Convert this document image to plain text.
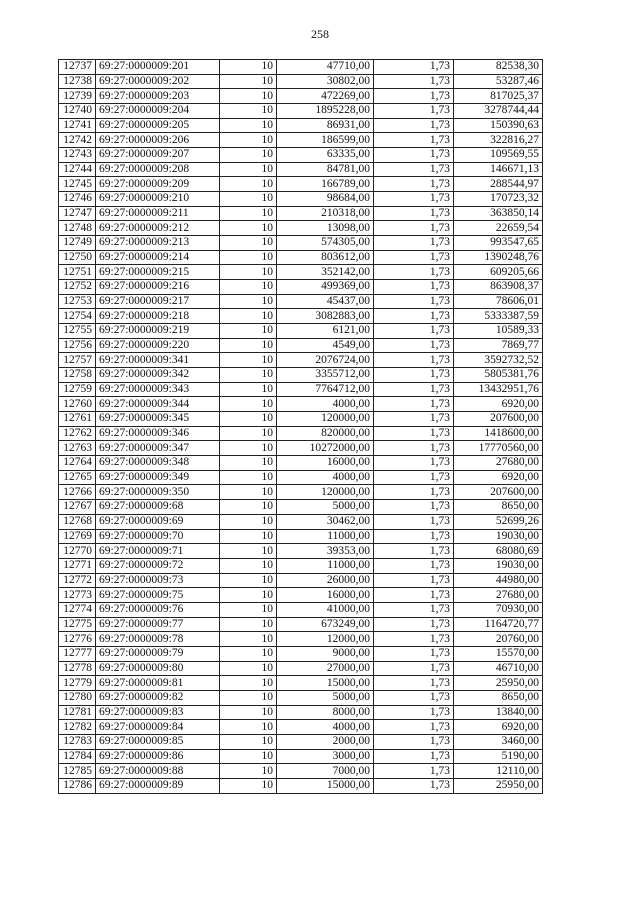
258
12737	69:27:0000009:201	10	47710,00	1,73	82538,30
12738	69:27:0000009:202	10	30802,00	1,73	53287,46
12739	69:27:0000009:203	10	472269,00	1,73	817025,37
12740	69:27:0000009:204	10	1895228,00	1,73	3278744,44
12741	69:27:0000009:205	10	86931,00	1,73	150390,63
12742	69:27:0000009:206	10	186599,00	1,73	322816,27
12743	69:27:0000009:207	10	63335,00	1,73	109569,55
12744	69:27:0000009:208	10	84781,00	1,73	146671,13
12745	69:27:0000009:209	10	166789,00	1,73	288544,97
12746	69:27:0000009:210	10	98684,00	1,73	170723,32
12747	69:27:0000009:211	10	210318,00	1,73	363850,14
12748	69:27:0000009:212	10	13098,00	1,73	22659,54
12749	69:27:0000009:213	10	574305,00	1,73	993547,65
12750	69:27:0000009:214	10	803612,00	1,73	1390248,76
12751	69:27:0000009:215	10	352142,00	1,73	609205,66
12752	69:27:0000009:216	10	499369,00	1,73	863908,37
12753	69:27:0000009:217	10	45437,00	1,73	78606,01
12754	69:27:0000009:218	10	3082883,00	1,73	5333387,59
12755	69:27:0000009:219	10	6121,00	1,73	10589,33
12756	69:27:0000009:220	10	4549,00	1,73	7869,77
12757	69:27:0000009:341	10	2076724,00	1,73	3592732,52
12758	69:27:0000009:342	10	3355712,00	1,73	5805381,76
12759	69:27:0000009:343	10	7764712,00	1,73	13432951,76
12760	69:27:0000009:344	10	4000,00	1,73	6920,00
12761	69:27:0000009:345	10	120000,00	1,73	207600,00
12762	69:27:0000009:346	10	820000,00	1,73	1418600,00
12763	69:27:0000009:347	10	10272000,00	1,73	17770560,00
12764	69:27:0000009:348	10	16000,00	1,73	27680,00
12765	69:27:0000009:349	10	4000,00	1,73	6920,00
12766	69:27:0000009:350	10	120000,00	1,73	207600,00
12767	69:27:0000009:68	10	5000,00	1,73	8650,00
12768	69:27:0000009:69	10	30462,00	1,73	52699,26
12769	69:27:0000009:70	10	11000,00	1,73	19030,00
12770	69:27:0000009:71	10	39353,00	1,73	68080,69
12771	69:27:0000009:72	10	11000,00	1,73	19030,00
12772	69:27:0000009:73	10	26000,00	1,73	44980,00
12773	69:27:0000009:75	10	16000,00	1,73	27680,00
12774	69:27:0000009:76	10	41000,00	1,73	70930,00
12775	69:27:0000009:77	10	673249,00	1,73	1164720,77
12776	69:27:0000009:78	10	12000,00	1,73	20760,00
12777	69:27:0000009:79	10	9000,00	1,73	15570,00
12778	69:27:0000009:80	10	27000,00	1,73	46710,00
12779	69:27:0000009:81	10	15000,00	1,73	25950,00
12780	69:27:0000009:82	10	5000,00	1,73	8650,00
12781	69:27:0000009:83	10	8000,00	1,73	13840,00
12782	69:27:0000009:84	10	4000,00	1,73	6920,00
12783	69:27:0000009:85	10	2000,00	1,73	3460,00
12784	69:27:0000009:86	10	3000,00	1,73	5190,00
12785	69:27:0000009:88	10	7000,00	1,73	12110,00
12786	69:27:0000009:89	10	15000,00	1,73	25950,00
